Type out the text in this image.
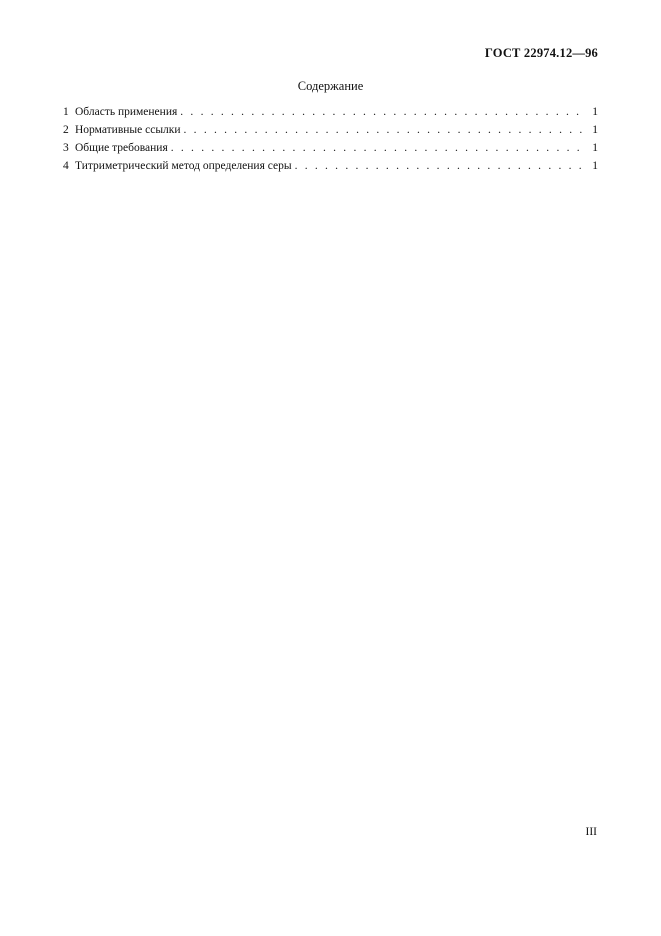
ГОСТ 22974.12—96
Содержание
1 Область применения . . .	1
2 Нормативные ссылки . . .	1
3 Общие требования . . .	1
4 Титриметрический метод определения серы . . .	1
III
